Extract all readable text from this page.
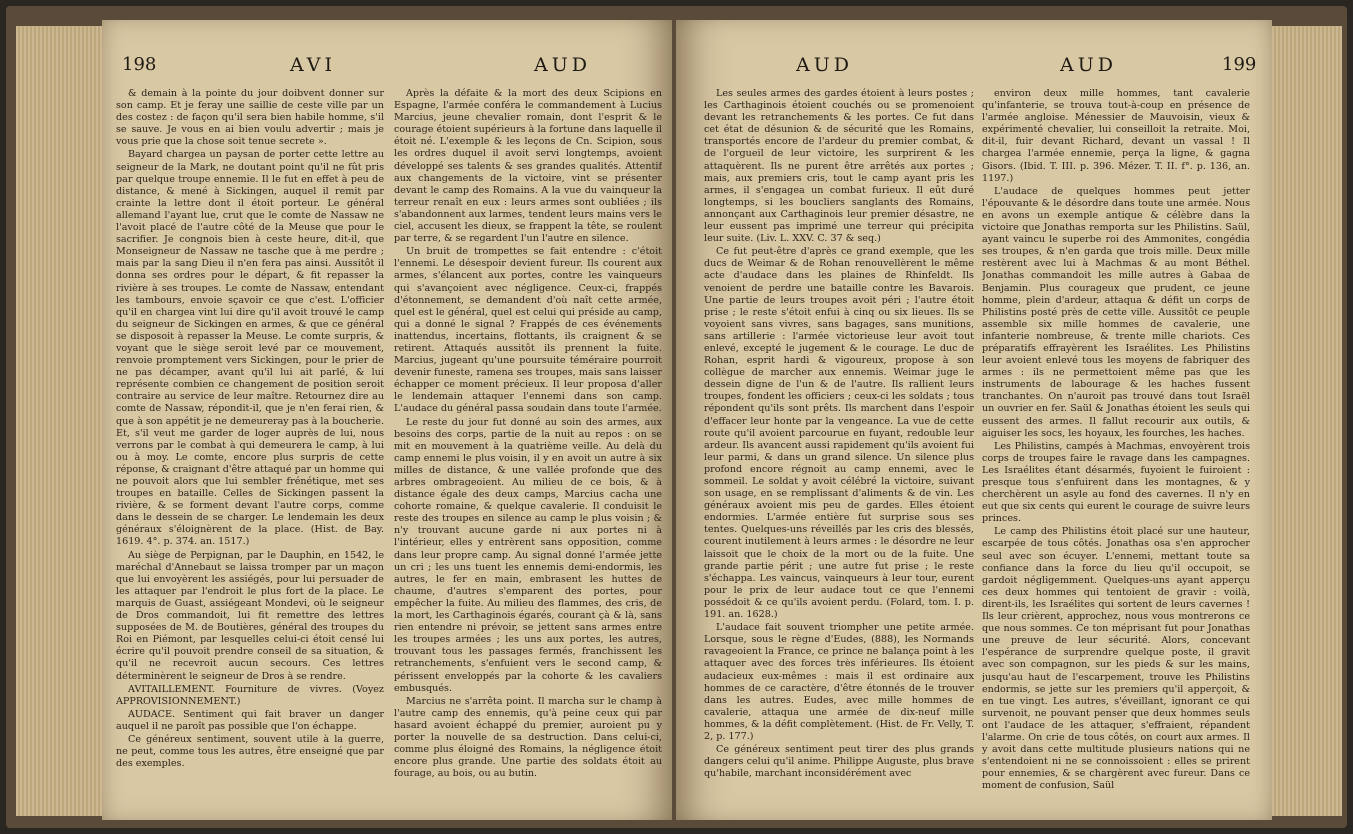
198	AVI	AUD

& demain à la pointe du jour doibvent donner sur son camp. Et je feray une saillie de ceste ville par un des costez : de façon qu'il sera bien habile homme, s'il se sauve. Je vous en ai bien voulu advertir ; mais je vous prie que la chose soit tenue secrete ».

Bayard chargea un paysan de porter cette lettre au seigneur de la Mark, ne doutant point qu'il ne fût pris par quelque troupe ennemie. Il le fut en effet à peu de distance, & mené à Sickingen, auquel il remit par crainte la lettre dont il étoit porteur. Le général allemand l'ayant lue, crut que le comte de Nassaw ne l'avoit placé de l'autre côté de la Meuse que pour le sacrifier. Je congnois bien à ceste heure, dit-il, que Monseigneur de Nassaw ne tasche que à me perdre ; mais par la sang Dieu il n'en fera pas ainsi. Aussitôt il donna ses ordres pour le départ, & fit repasser la rivière à ses troupes. Le comte de Nassaw, entendant les tambours, envoie sçavoir ce que c'est. L'officier qu'il en chargea vint lui dire qu'il avoit trouvé le camp du seigneur de Sickingen en armes, & que ce général se disposoit à repasser la Meuse. Le comte surpris, & voyant que le siège seroit levé par ce mouvement, renvoie promptement vers Sickingen, pour le prier de ne pas décamper, avant qu'il lui ait parlé, & lui représente combien ce changement de position seroit contraire au service de leur maître. Retournez dire au comte de Nassaw, répondit-il, que je n'en ferai rien, & que à son appétit je ne demeureray pas à la boucherie. Et, s'il veut me garder de loger auprès de lui, nous verrons par le combat à qui demeurera le camp, à lui ou à moy. Le comte, encore plus surpris de cette réponse, & craignant d'être attaqué par un homme qui ne pouvoit alors que lui sembler frénétique, met ses troupes en bataille. Celles de Sickingen passent la rivière, & se forment devant l'autre corps, comme dans le dessein de se charger. Le lendemain les deux généraux s'éloignèrent de la place. (Hist. de Bay. 1619. 4°. p. 374. an. 1517.)

Au siège de Perpignan, par le Dauphin, en 1542, le maréchal d'Annebaut se laissa tromper par un maçon que lui envoyèrent les assiégés, pour lui persuader de les attaquer par l'endroit le plus fort de la place. Le marquis de Guast, assiégeant Mondevi, où le seigneur de Dros commandoit, lui fit remettre des lettres supposées de M. de Boutières, général des troupes du Roi en Piémont, par lesquelles celui-ci étoit censé lui écrire qu'il pouvoit prendre conseil de sa situation, & qu'il ne recevroit aucun secours. Ces lettres déterminèrent le seigneur de Dros à se rendre.

AVITAILLEMENT. Fourniture de vivres. (Voyez APPROVISIONNEMENT.)

AUDACE. Sentiment qui fait braver un danger auquel il ne paroît pas possible que l'on échappe.

Ce généreux sentiment, souvent utile à la guerre, ne peut, comme tous les autres, être enseigné que par des exemples.

Après la défaite & la mort des deux Scipions en Espagne, l'armée conféra le commandement à Lucius Marcius, jeune chevalier romain, dont l'esprit & le courage étoient supérieurs à la fortune dans laquelle il étoit né. L'exemple & les leçons de Cn. Scipion, sous les ordres duquel il avoit servi longtemps, avoient développé ses talents & ses grandes qualités. Attentif aux changements de la victoire, vint se présenter devant le camp des Romains. A la vue du vainqueur la terreur renaît en eux : leurs armes sont oubliées ; ils s'abandonnent aux larmes, tendent leurs mains vers le ciel, accusent les dieux, se frappent la tête, se roulent par terre, & se regardent l'un l'autre en silence.

Un bruit de trompettes se fait entendre : c'étoit l'ennemi. Le désespoir devient fureur. Ils courent aux armes, s'élancent aux portes, contre les vainqueurs qui s'avançoient avec négligence. Ceux-ci, frappés d'étonnement, se demandent d'où naît cette armée, quel est le général, quel est celui qui préside au camp, qui a donné le signal ? Frappés de ces événements inattendus, incertains, flottants, ils craignent & se retirent. Attaqués aussitôt ils prennent la fuite. Marcius, jugeant qu'une poursuite téméraire pourroit devenir funeste, ramena ses troupes, mais sans laisser échapper ce moment précieux. Il leur proposa d'aller le lendemain attaquer l'ennemi dans son camp. L'audace du général passa soudain dans toute l'armée.

Le reste du jour fut donné au soin des armes, aux besoins des corps, partie de la nuit au repos : on se mit en mouvement à la quatrième veille. Au delà du camp ennemi le plus voisin, il y en avoit un autre à six milles de distance, & une vallée profonde que des arbres ombrageoient. Au milieu de ce bois, & à distance égale des deux camps, Marcius cacha une cohorte romaine, & quelque cavalerie. Il conduisit le reste des troupes en silence au camp le plus voisin ; & n'y trouvant aucune garde ni aux portes ni à l'intérieur, elles y entrèrent sans opposition, comme dans leur propre camp. Au signal donné l'armée jette un cri ; les uns tuent les ennemis demi-endormis, les autres, le fer en main, embrasent les huttes de chaume, d'autres s'emparent des portes, pour empêcher la fuite. Au milieu des flammes, des cris, de la mort, les Carthaginois égarés, courant çà & là, sans rien entendre ni prévoir, se jettent sans armes entre les troupes armées ; les uns aux portes, les autres, trouvant tous les passages fermés, franchissent les retranchements, s'enfuient vers le second camp, & périssent enveloppés par la cohorte & les cavaliers embusqués.

Marcius ne s'arrêta point. Il marcha sur le champ à l'autre camp des ennemis, qu'à peine ceux qui par hasard avoient échappé du premier, auroient pu y porter la nouvelle de sa destruction. Dans celui-ci, comme plus éloigné des Romains, la négligence étoit encore plus grande. Une partie des soldats étoit au fourage, au bois, ou au butin.

AUD	AUD	199

Les seules armes des gardes étoient à leurs postes ; les Carthaginois étoient couchés ou se promenoient devant les retranchements & les portes. Ce fut dans cet état de désunion & de sécurité que les Romains, transportés encore de l'ardeur du premier combat, & de l'orgueil de leur victoire, les surprirent & les attaquèrent. Ils ne purent être arrêtés aux portes ; mais, aux premiers cris, tout le camp ayant pris les armes, il s'engagea un combat furieux. Il eût duré longtemps, si les boucliers sanglants des Romains, annonçant aux Carthaginois leur premier désastre, ne leur eussent pas imprimé une terreur qui précipita leur suite. (Liv. L. XXV. C. 37 & seq.)

Ce fut peut-être d'après ce grand exemple, que les ducs de Weimar & de Rohan renouvellèrent le même acte d'audace dans les plaines de Rhinfeldt. Ils venoient de perdre une bataille contre les Bavarois. Une partie de leurs troupes avoit péri ; l'autre étoit prise ; le reste s'étoit enfui à cinq ou six lieues. Ils se voyoient sans vivres, sans bagages, sans munitions, sans artillerie : l'armée victorieuse leur avoit tout enlevé, excepté le jugement & le courage. Le duc de Rohan, esprit hardi & vigoureux, propose à son collègue de marcher aux ennemis. Weimar juge le dessein digne de l'un & de l'autre. Ils rallient leurs troupes, fondent les officiers ; ceux-ci les soldats ; tous répondent qu'ils sont prêts. Ils marchent dans l'espoir d'effacer leur honte par la vengeance. La vue de cette route qu'il avoient parcourue en fuyant, redouble leur ardeur. Ils avancent aussi rapidement qu'ils avoient fui leur parmi, & dans un grand silence. Un silence plus profond encore régnoit au camp ennemi, avec le sommeil. Le soldat y avoit célébré la victoire, suivant son usage, en se remplissant d'aliments & de vin. Les généraux avoient mis peu de gardes. Elles étoient endormies. L'armée entière fut surprise sous ses tentes. Quelques-uns réveillés par les cris des blessés, courent inutilement à leurs armes : le désordre ne leur laissoit que le choix de la mort ou de la fuite. Une grande partie périt ; une autre fut prise ; le reste s'échappa. Les vaincus, vainqueurs à leur tour, eurent pour le prix de leur audace tout ce que l'ennemi possédoit & ce qu'ils avoient perdu. (Folard, tom. I. p. 191. an. 1628.)

L'audace fait souvent triompher une petite armée. Lorsque, sous le règne d'Eudes, (888), les Normands ravageoient la France, ce prince ne balança point à les attaquer avec des forces très inférieures. Ils étoient audacieux eux-mêmes : mais il est ordinaire aux hommes de ce caractère, d'être étonnés de le trouver dans les autres. Eudes, avec mille hommes de cavalerie, attaqua une armée de dix-neuf mille hommes, & la défit complètement. (Hist. de Fr. Velly, T. 2, p. 177.)

Ce généreux sentiment peut tirer des plus grands dangers celui qu'il anime. Philippe Auguste, plus brave qu'habile, marchant inconsidérément avec

environ deux mille hommes, tant cavalerie qu'infanterie, se trouva tout-à-coup en présence de l'armée angloise. Ménessier de Mauvoisin, vieux & expérimenté chevalier, lui conseilloit la retraite. Moi, dit-il, fuir devant Richard, devant un vassal ! Il chargea l'armée ennemie, perça la ligne, & gagna Gisors. (Ibid. T. III. p. 396. Mézer. T. II. f°. p. 136, an. 1197.)

L'audace de quelques hommes peut jetter l'épouvante & le désordre dans toute une armée. Nous en avons un exemple antique & célèbre dans la victoire que Jonathas remporta sur les Philistins. Saül, ayant vaincu le superbe roi des Ammonites, congédia ses troupes, & n'en garda que trois mille. Deux mille restèrent avec lui à Machmas & au mont Béthel. Jonathas commandoit les mille autres à Gabaa de Benjamin. Plus courageux que prudent, ce jeune homme, plein d'ardeur, attaqua & défit un corps de Philistins posté près de cette ville. Aussitôt ce peuple assemble six mille hommes de cavalerie, une infanterie nombreuse, & trente mille chariots. Ces préparatifs effrayèrent les Israélites. Les Philistins leur avoient enlevé tous les moyens de fabriquer des armes : ils ne permettoient même pas que les instruments de labourage & les haches fussent tranchantes. On n'auroit pas trouvé dans tout Israël un ouvrier en fer. Saül & Jonathas étoient les seuls qui eussent des armes. Il fallut recourir aux outils, & aiguiser les socs, les hoyaux, les fourches, les haches.

Les Philistins, campés à Machmas, envoyèrent trois corps de troupes faire le ravage dans les campagnes. Les Israélites étant désarmés, fuyoient le fuiroient : presque tous s'enfuirent dans les montagnes, & y cherchèrent un asyle au fond des cavernes. Il n'y en eut que six cents qui eurent le courage de suivre leurs princes.

Le camp des Philistins étoit placé sur une hauteur, escarpée de tous côtés. Jonathas osa s'en approcher seul avec son écuyer. L'ennemi, mettant toute sa confiance dans la force du lieu qu'il occupoit, se gardoit négligemment. Quelques-uns ayant apperçu ces deux hommes qui tentoient de gravir : voilà, dirent-ils, les Israélites qui sortent de leurs cavernes ! Ils leur crièrent, approchez, nous vous montrerons ce que nous sommes. Ce ton méprisant fut pour Jonathas une preuve de leur sécurité. Alors, concevant l'espérance de surprendre quelque poste, il gravit avec son compagnon, sur les pieds & sur les mains, jusqu'au haut de l'escarpement, trouve les Philistins endormis, se jette sur les premiers qu'il apperçoit, & en tue vingt. Les autres, s'éveillant, ignorant ce qui survenoit, ne pouvant penser que deux hommes seuls ont l'audace de les attaquer, s'effraient, répandent l'alarme. On crie de tous côtés, on court aux armes. Il y avoit dans cette multitude plusieurs nations qui ne s'entendoient ni ne se connoissoient : elles se prirent pour ennemies, & se chargèrent avec fureur. Dans ce moment de confusion, Saül
